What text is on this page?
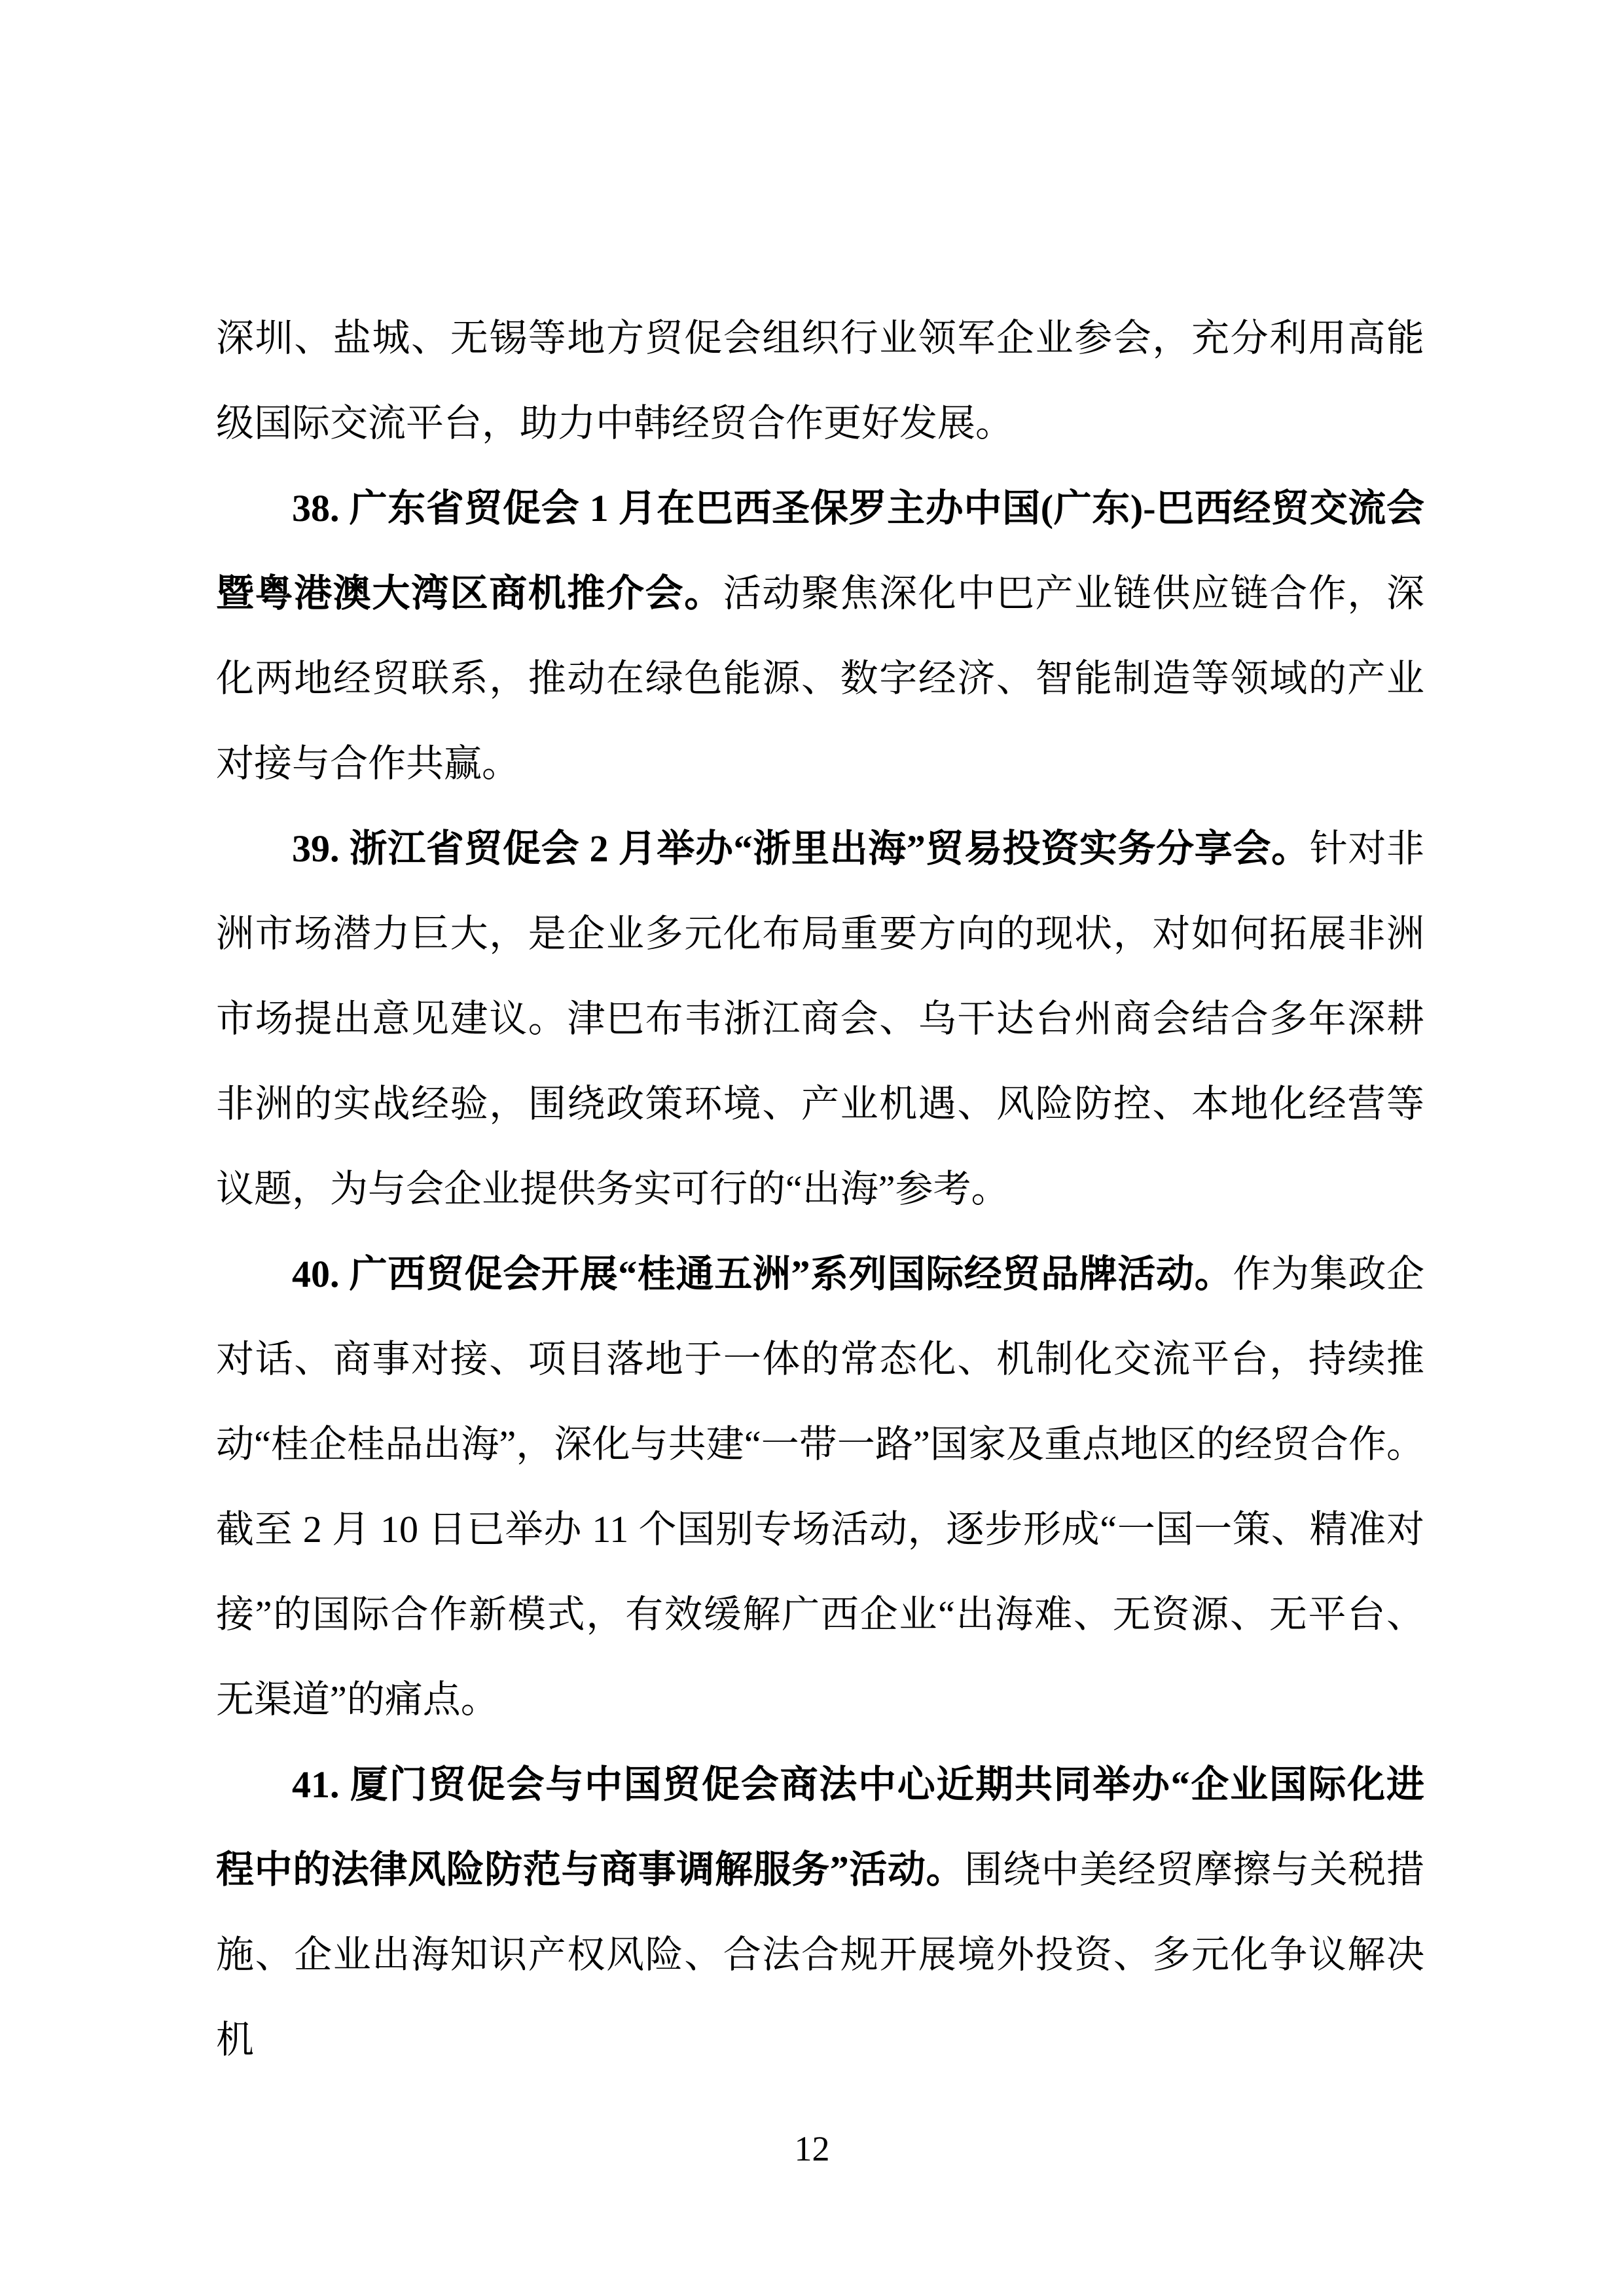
深圳、盐城、无锡等地方贸促会组织行业领军企业参会，充分利用高能级国际交流平台，助力中韩经贸合作更好发展。

38. 广东省贸促会 1 月在巴西圣保罗主办中国(广东)-巴西经贸交流会暨粤港澳大湾区商机推介会。活动聚焦深化中巴产业链供应链合作，深化两地经贸联系，推动在绿色能源、数字经济、智能制造等领域的产业对接与合作共赢。

39. 浙江省贸促会 2 月举办“浙里出海”贸易投资实务分享会。针对非洲市场潜力巨大，是企业多元化布局重要方向的现状，对如何拓展非洲市场提出意见建议。津巴布韦浙江商会、乌干达台州商会结合多年深耕非洲的实战经验，围绕政策环境、产业机遇、风险防控、本地化经营等议题，为与会企业提供务实可行的“出海”参考。

40. 广西贸促会开展“桂通五洲”系列国际经贸品牌活动。作为集政企对话、商事对接、项目落地于一体的常态化、机制化交流平台，持续推动“桂企桂品出海”，深化与共建“一带一路”国家及重点地区的经贸合作。截至 2 月 10 日已举办 11 个国别专场活动，逐步形成“一国一策、精准对接”的国际合作新模式，有效缓解广西企业“出海难、无资源、无平台、无渠道”的痛点。

41. 厦门贸促会与中国贸促会商法中心近期共同举办“企业国际化进程中的法律风险防范与商事调解服务”活动。围绕中美经贸摩擦与关税措施、企业出海知识产权风险、合法合规开展境外投资、多元化争议解决机

12
